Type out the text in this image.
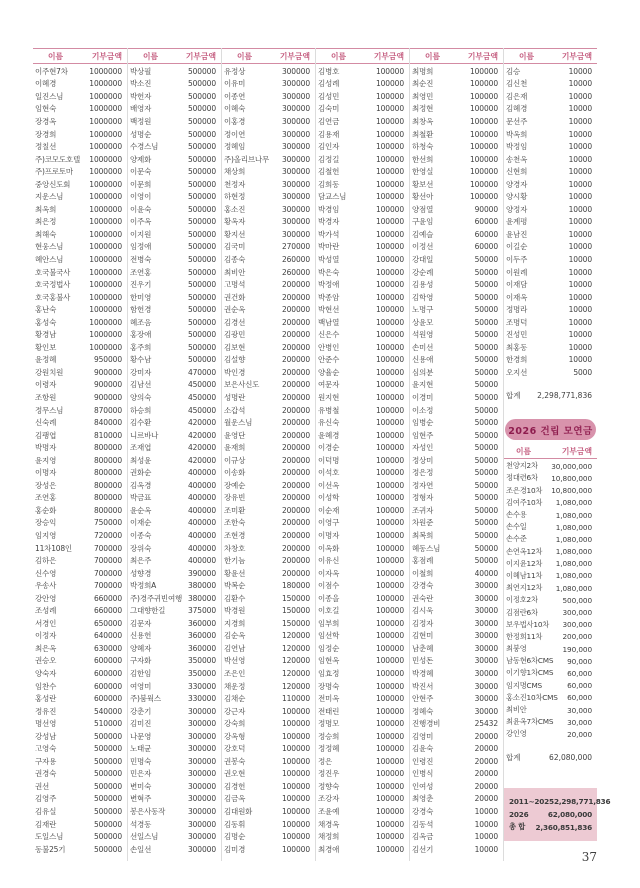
이름	기부금액
이주현7차	1000000
이혜경	1000000
일진스님	1000000
임현숙	1000000
장경옥	1000000
장경희	1000000
정칠선	1000000
주)코모도호텔 1000000
주)프로토마 1000000
중앙신도회	1000000
지운스님	1000000
최옥희	1000000
최은정	1000000
최해숙	1000000
현웅스님	1000000
혜안스님	1000000
호국불국사	1000000
호국정법사	1000000
호국홍불사	1000000
홍난숙	1000000
홍성숙	1000000
황경남	1000000
황인보	1000000
윤정혜	950000
강원치원	900000
이령자	900000
조항원	900000
정무스님	870000
신숙례	840000
김팽엽	810000
박명자	800000
윤지영	800000
이명자	800000
장성은	800000
조연홍	800000
홍순화	800000
장승익	750000
임지영	720000
11차108인	700000
김하은	700000
신수영	700000
우송사	700000
강안영	660000
조성례	660000
서경인	650000
이정자	640000
최은옥	630000
권승오	600000
양숙자	600000
임찬수	600000
홍성란	600000
정유진	540000
명선영	510000
강성남	500000
고영숙	500000
구자용	500000
권경숙	500000
권선	500000
김영주	500000
김유실	500000
김재란	500000
도일스님	500000
동불25기	500000
이름	기부금액
박상필	500000
박소진	500000
박헌자	500000
배영자	500000
백정원	500000
성명순	500000
수경스님	500000
양제화	500000
이문숙	500000
이문희	500000
이영이	500000
이윤숙	500000
이주옥	500000
이지원	500000
임정애	500000
전병숙	500000
조연홍	500000
진우기	500000
한미영	500000
함헌경	500000
혜조음	500000
홍장애	500000
홍주희	500000
황수남	500000
강미자	470000
김남선	450000
양의숙	450000
하승희	450000
김수환	420000
니르바나	420000
조재엽	420000
최성윤	420000
권화순	400000
김옥경	400000
박금표	400000
윤순옥	400000
이재순	400000
이종숙	400000
장위숙	400000
최은주	400000
성향경	390000
박정희A	380000
주)경주귀빈여행 380000
그대향한길	375000
김문자	360000
신용헌	360000
양혜자	360000
구자화	350000
김한임	350000
여영미	330000
주)붐웍스	330000
강춘기	300000
김미진	300000
나문영	300000
노태균	300000
민명숙	300000
민은자	300000
변미숙	300000
변혁주	300000
봉은사동작	300000
석경동	300000
선일스님	300000
손일선	300000
이름	기부금액
유정상	300000
이유미	300000
이종연	300000
이혜숙	300000
이홍경	300000
정이연	300000
정혜임	300000
주)올리브나무 300000
채상희	300000
천정자	300000
하현정	300000
홍소진	300000
황옥자	300000
황지선	300000
김국미	270000
김종숙	260000
최비안	260000
고명석	200000
권건화	200000
권순옥	200000
김경선	200000
김광민	200000
김보현	200000
김설향	200000
박인경	200000
보은사신도	200000
성명란	200000
소갑석	200000
월운스님	200000
윤영단	200000
윤재희	200000
이규상	200000
이송화	200000
장예순	200000
장유빈	200000
조미환	200000
조한숙	200000
조현경	200000
차창호	200000
한기늠	200000
황윤선	200000
박복순	180000
김환수	150000
박경원	150000
지경희	150000
김순옥	120000
김연남	120000
박선영	120000
조은인	120000
채운정	120000
김채순	110000
강근자	100000
강숙희	100000
강옥형	100000
강호덕	100000
권봉숙	100000
권오현	100000
김경헌	100000
김금옥	100000
김대원화	100000
김동휘	100000
김명순	100000
김미경	100000
이름	기부금액
김병호	100000
김성례	100000
김성민	100000
김숙미	100000
김연금	100000
김용재	100000
김인자	100000
김정길	100000
김철헌	100000
김희동	100000
담교스님	100000
박경임	100000
박경자	100000
박가석	100000
박마란	100000
박성열	100000
박은숙	100000
박정애	100000
박종암	100000
박현선	100000
백남열	100000
신은수	100000
안병인	100000
안준수	100000
양율순	100000
여문자	100000
원지현	100000
유병철	100000
유신숙	100000
윤혜경	100000
이경순	100000
이덕명	100000
이석호	100000
이선옥	100000
이성학	100000
이순재	100000
이영구	100000
이명자	100000
이옥화	100000
이유신	100000
이자옥	100000
이점수	100000
이종을	100000
이호길	100000
임부희	100000
임선학	100000
임정순	100000
임현옥	100000
임효정	100000
장명숙	100000
전미옥	100000
전태린	100000
정명모	100000
정승희	100000
정정혜	100000
정은	100000
정진우	100000
정향숙	100000
조강자	100000
조윤예	100000
채경옥	100000
채정희	100000
최경애	100000
이름	기부금액
최명희	100000
최순진	100000
최영민	100000
최정현	100000
최창옥	100000
최철환	100000
하청숙	100000
한선희	100000
한영실	100000
황보선	100000
황선아	100000
양점열	90000
구윤임	60000
김예슬	60000
이정선	60000
강대일	50000
강순례	50000
김용성	50000
김학영	50000
노명구	50000
상윤모	50000
석원영	50000
손미선	50000
신용애	50000
심의분	50000
윤지현	50000
이경미	50000
이소정	50000
임병순	50000
임현주	50000
자성인	50000
정상미	50000
정은정	50000
정자연	50000
정형자	50000
조귀자	50000
차원준	50000
최복희	50000
혜동스님	50000
홍점례	50000
이철희	40000
강경숙	30000
권숙란	30000
김시욱	30000
김정자	30000
김현미	30000
남춘혜	30000
민성돈	30000
박경혜	30000
박진서	30000
안현주	30000
정혜숙	30000
진행경비	25432
김영미	20000
김윤숙	20000
인령진	20000
인병식	20000
인여성	20000
최영춘	20000
강경숙	10000
김동석	10000
김옥금	10000
김선기	10000
이름	기부금액
김승	10000
김신천	10000
김은재	10000
김혜경	10000
문선주	10000
박옥희	10000
박정임	10000
송천옥	10000
신현희	10000
양경자	10000
양시황	10000
양정자	10000
윤계평	10000
윤남진	10000
이길순	10000
이두주	10000
이원례	10000
이재담	10000
이재옥	10000
정명라	10000
조명덕	10000
진성민	10000
최홍동	10000
한경희	10000
오지선	5000
합계 2,298,771,836
2026 건립 모연금
이름	기부금액
천양지2차 30,000,000
정대련6차 10,800,000
조은경10차 10,800,000
김여주10차 1,080,000
손수용	1,080,000
손수일	1,080,000
손수준	1,080,000
손연옥12차 1,080,000
이지윤12차 1,080,000
이혜남11차 1,080,000
최연지12차 1,080,000
이정호2차	500,000
김점란6차	300,000
보우법사10차 300,000
한정희11차	200,000
최붕영	190,000
남동현6차CMS 90,000
이기향1차CMS 60,000
임지명CMS	60,000
홍소진10차CMS 60,000
최비안	30,000
최윤옥7차CMS 30,000
강인영	20,000
합계	62,080,000
2011~2025 2,298,771,836
2026	62,080,000
총 합 2,360,851,836
37
